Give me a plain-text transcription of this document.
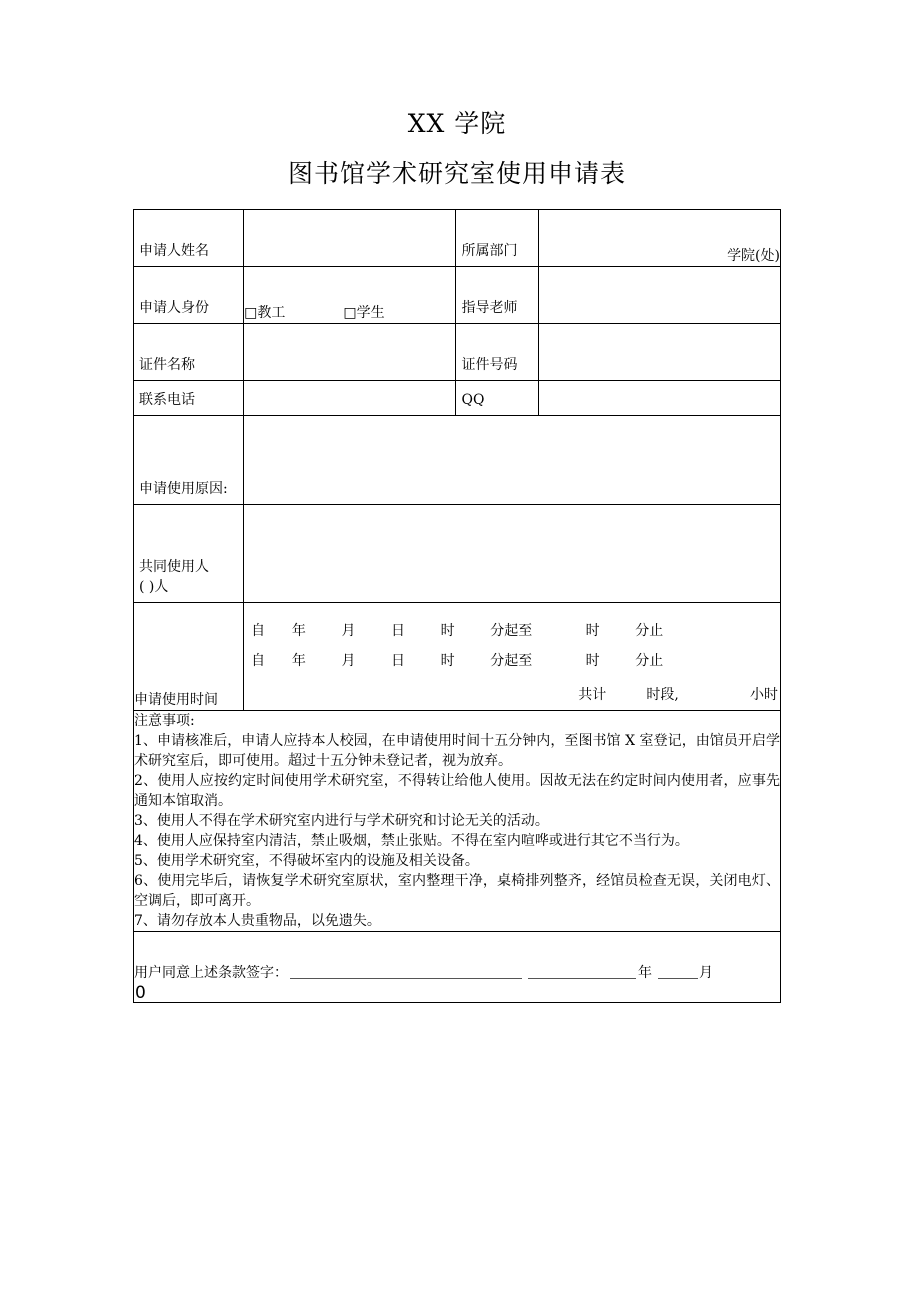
XX 学院
图书馆学术研究室使用申请表
申请人姓名		所属部门	学院(处)

申请人身份	□教工 □学生	指导老师	

证件名称		证件号码	

联系电话		QQ	

申请使用原因:			

共同使用人
( )人			

申请使用时间	自      年        月        日        时        分起至            时        分止
自      年        月        日        时        分起至            时        分止
共计         时段,                小时		

注意事项:

1、申请核准后，申请人应持本人校园，在申请使用时间十五分钟内，至图书馆 X 室登记，由馆员开启学术研究室后，即可使用。超过十五分钟未登记者，视为放弃。

2、使用人应按约定时间使用学术研究室，不得转让给他人使用。因故无法在约定时间内使用者，应事先通知本馆取消。

3、使用人不得在学术研究室内进行与学术研究和讨论无关的活动。

4、使用人应保持室内清洁，禁止吸烟，禁止张贴。不得在室内喧哗或进行其它不当行为。

5、使用学术研究室，不得破坏室内的设施及相关设备。

6、使用完毕后，请恢复学术研究室原状，室内整理干净，桌椅排列整齐，经馆员检查无误，关闭电灯、空调后，即可离开。

7、请勿存放本人贵重物品，以免遗失。

用户同意上述条款签字： 年 月
0			
